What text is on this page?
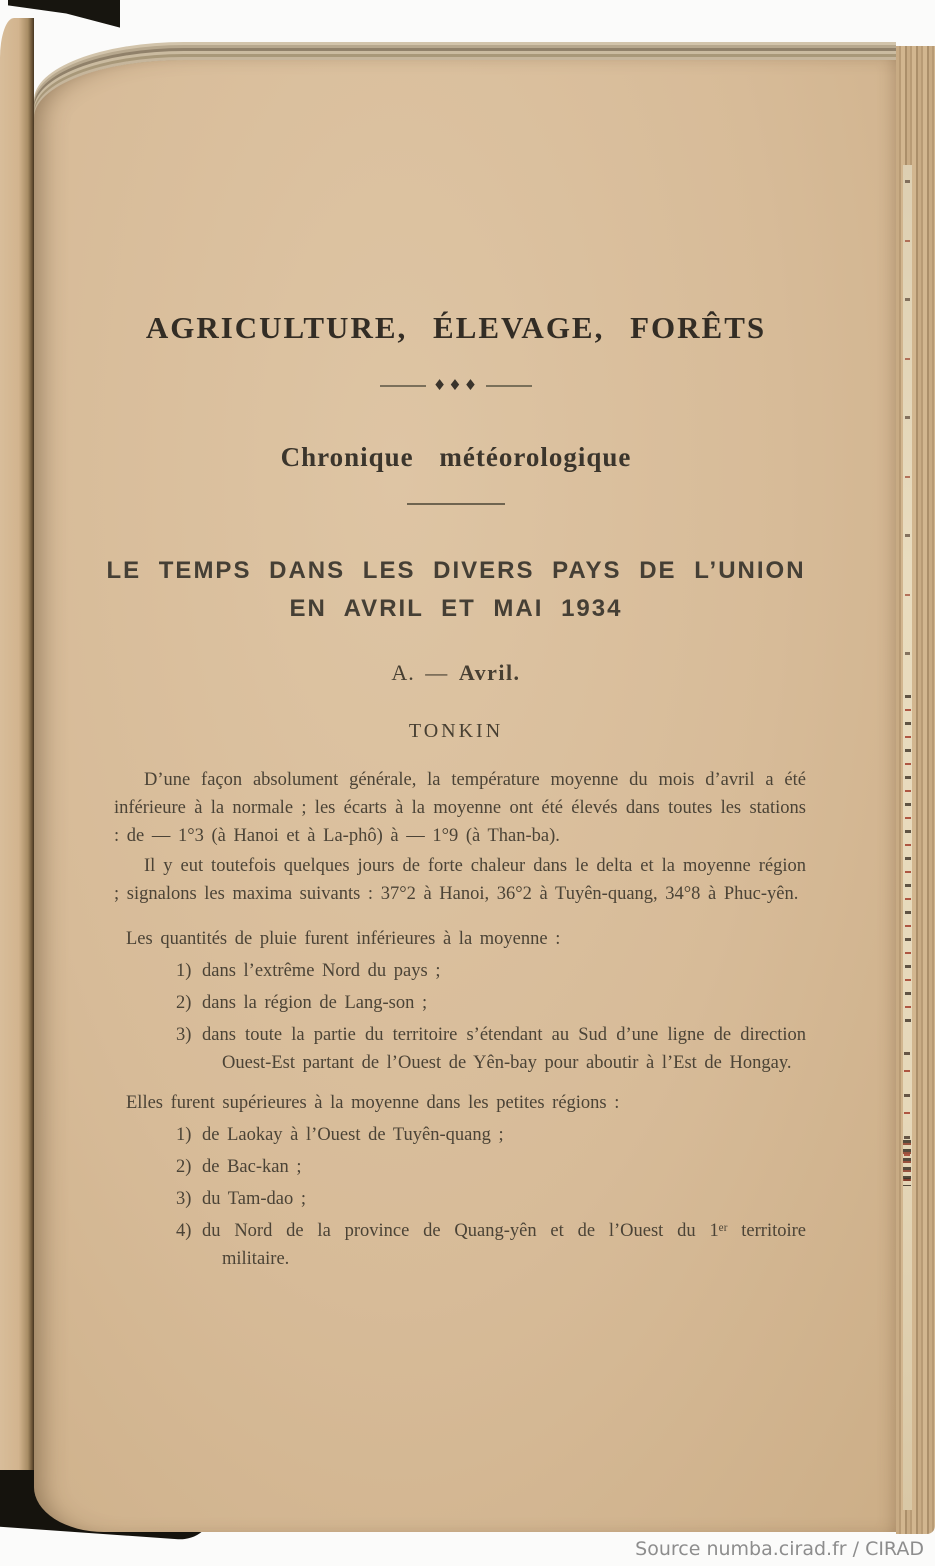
AGRICULTURE, ÉLEVAGE, FORÊTS
♦♦♦
Chronique météorologique
LE TEMPS DANS LES DIVERS PAYS DE L’UNION
EN AVRIL ET MAI 1934
A. — Avril.
TONKIN

D’une façon absolument générale, la température moyenne du mois d’avril a été inférieure à la normale ; les écarts à la moyenne ont été élevés dans toutes les stations : de — 1°3 (à Hanoi et à La-phô) à — 1°9 (à Than-ba).

Il y eut toutefois quelques jours de forte chaleur dans le delta et la moyenne région ; signalons les maxima suivants : 37°2 à Hanoi, 36°2 à Tuyên-quang, 34°8 à Phuc-yên.

Les quantités de pluie furent inférieures à la moyenne :
1) dans l’extrême Nord du pays ;
2) dans la région de Lang-son ;
3) dans toute la partie du territoire s’étendant au Sud d’une ligne de direction Ouest-Est partant de l’Ouest de Yên-bay pour aboutir à l’Est de Hongay.
Elles furent supérieures à la moyenne dans les petites régions :
1) de Laokay à l’Ouest de Tuyên-quang ;
2) de Bac-kan ;
3) du Tam-dao ;
4) du Nord de la province de Quang-yên et de l’Ouest du 1ᵉʳ territoire militaire.
Source numba.cirad.fr / CIRAD
